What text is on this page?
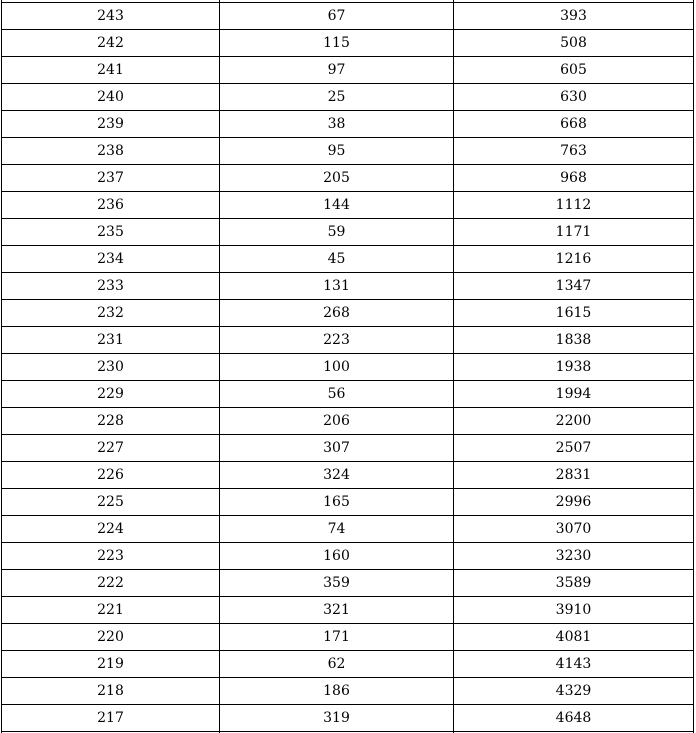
243	67	393
242	115	508
241	97	605
240	25	630
239	38	668
238	95	763
237	205	968
236	144	1112
235	59	1171
234	45	1216
233	131	1347
232	268	1615
231	223	1838
230	100	1938
229	56	1994
228	206	2200
227	307	2507
226	324	2831
225	165	2996
224	74	3070
223	160	3230
222	359	3589
221	321	3910
220	171	4081
219	62	4143
218	186	4329
217	319	4648
